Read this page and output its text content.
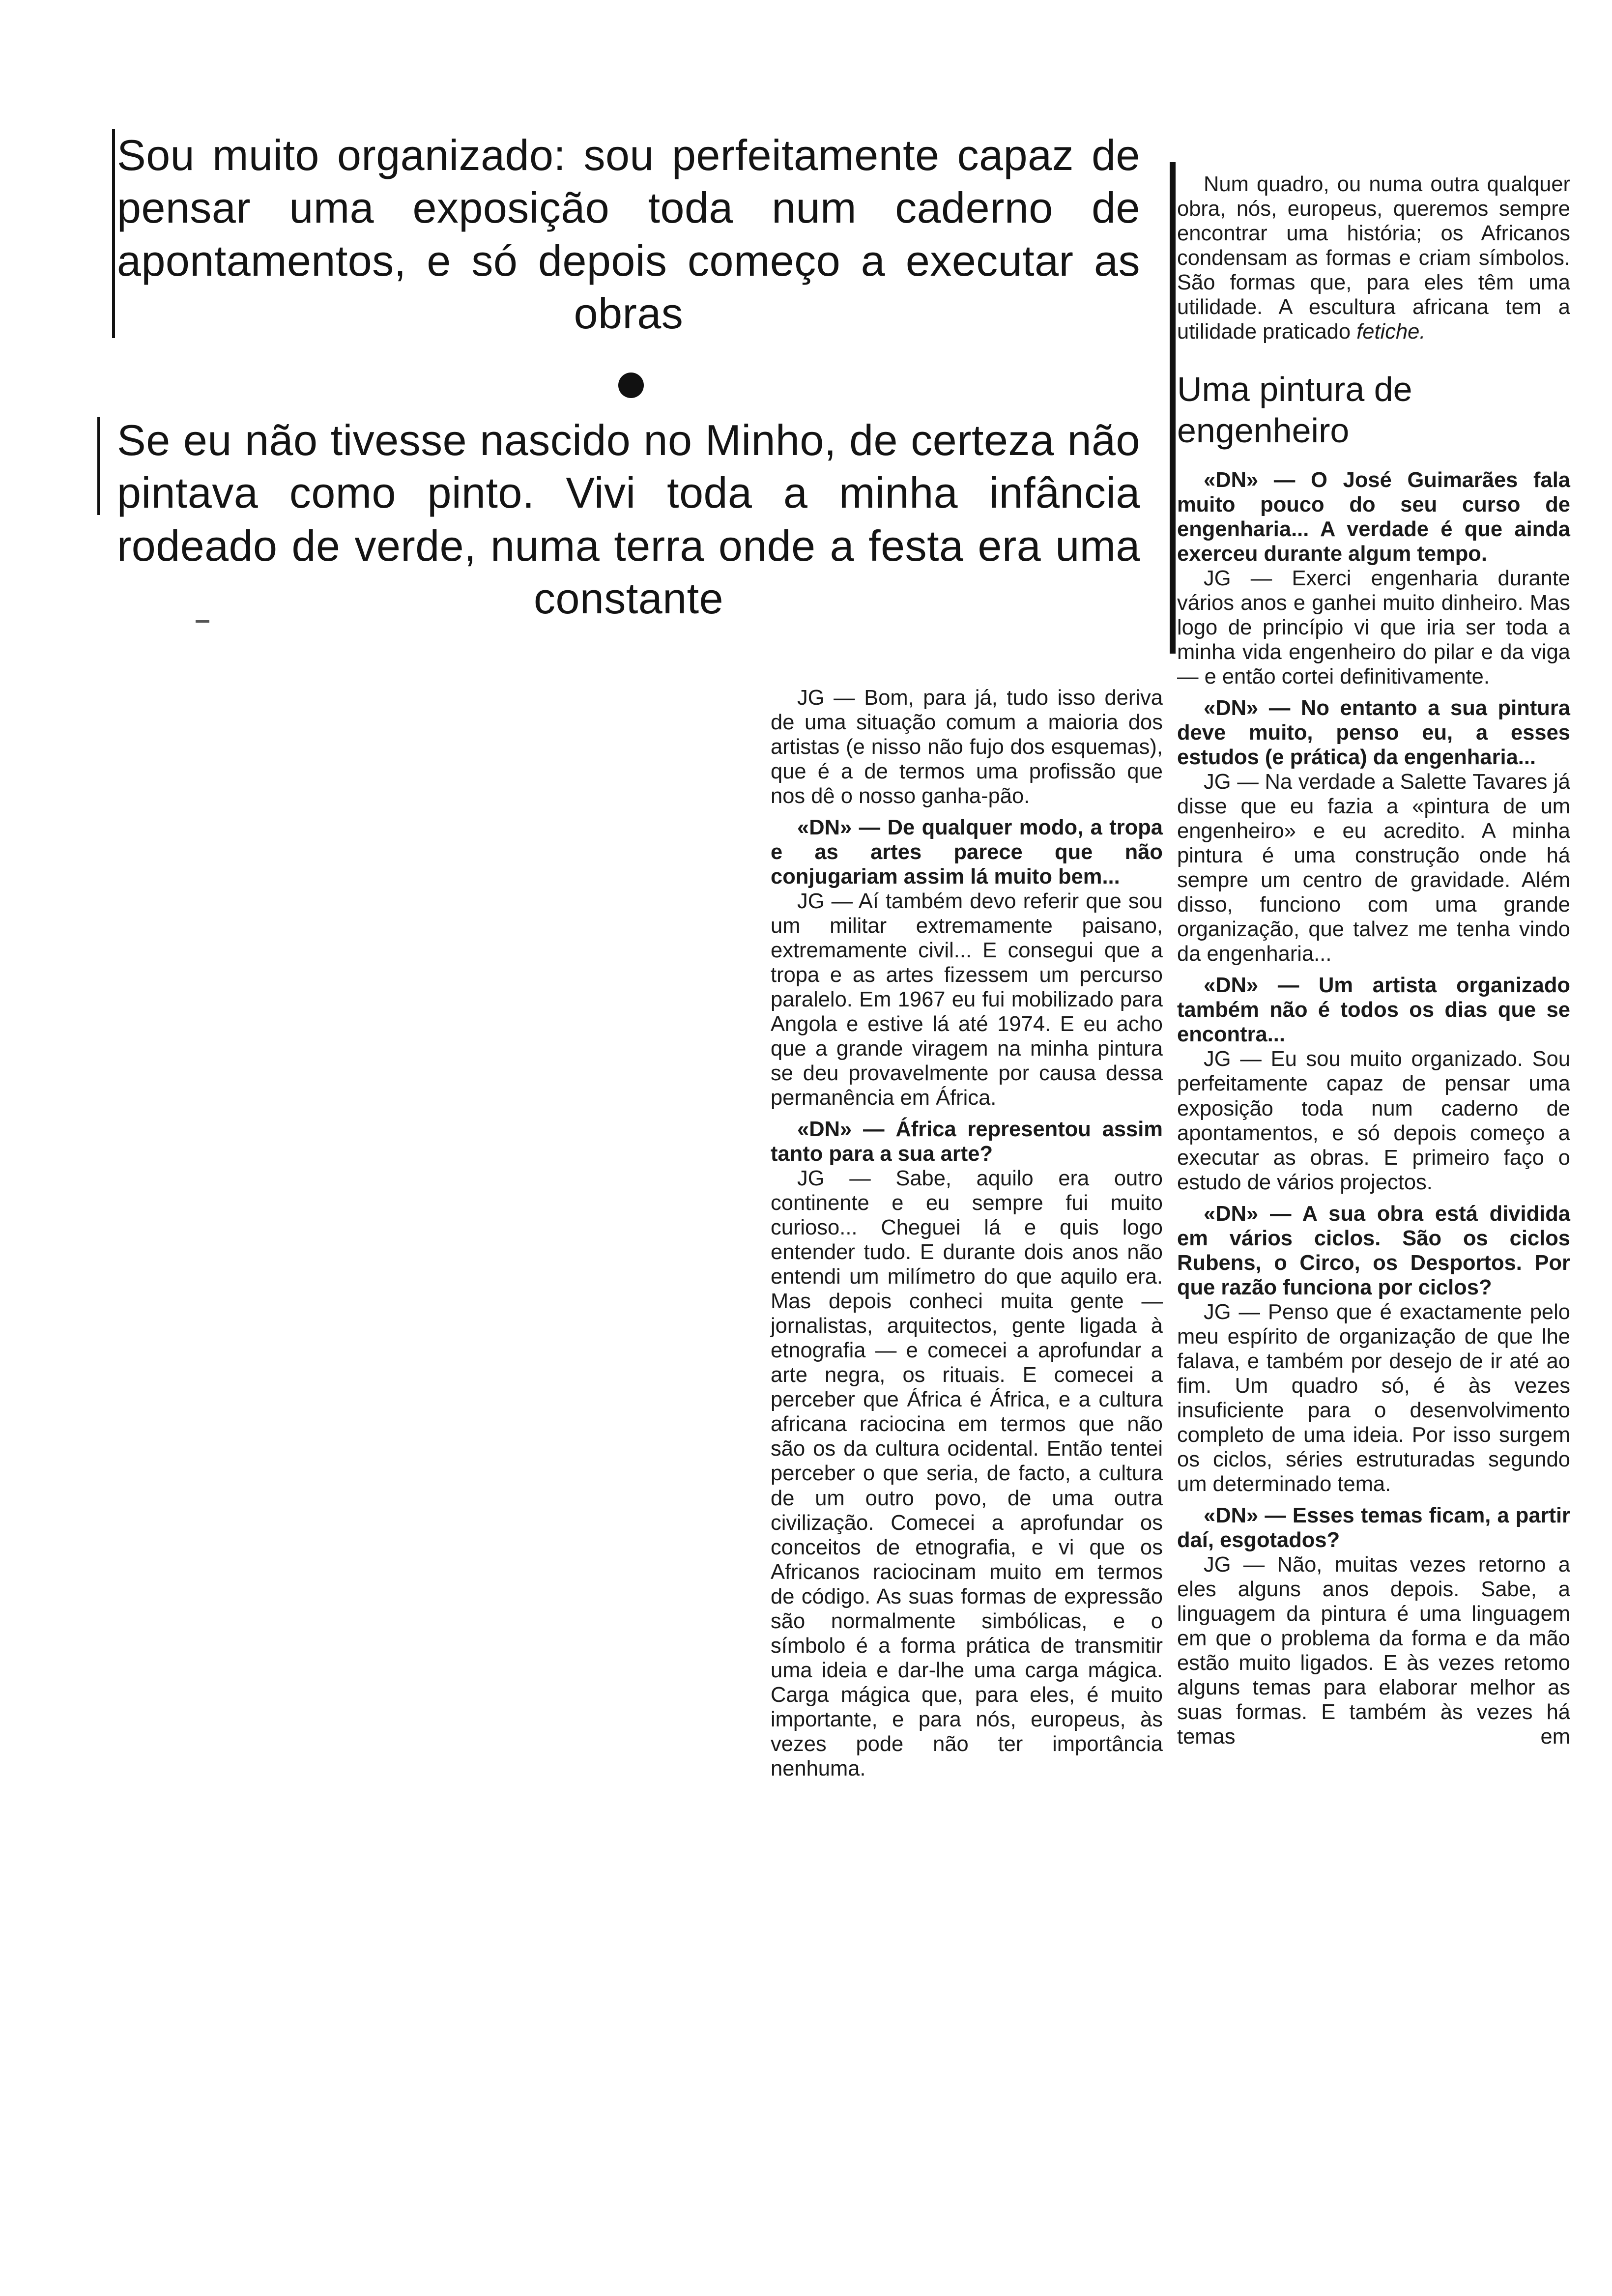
Sou muito organizado: sou perfeitamente capaz de pensar uma exposição toda num caderno de apontamentos, e só depois começo a executar as obras
Se eu não tivesse nascido no Minho, de certeza não pintava como pinto. Vivi toda a minha infância rodeado de verde, numa terra onde a festa era uma constante

JG — Bom, para já, tudo isso deriva de uma situação comum a maioria dos artistas (e nisso não fujo dos esquemas), que é a de termos uma profissão que nos dê o nosso ganha-pão.

«DN» — De qualquer modo, a tropa e as artes parece que não conjugariam assim lá muito bem...

JG — Aí também devo referir que sou um militar extremamente paisano, extremamente civil... E consegui que a tropa e as artes fizessem um percurso paralelo. Em 1967 eu fui mobilizado para Angola e estive lá até 1974. E eu acho que a grande viragem na minha pintura se deu provavelmente por causa dessa permanência em África.

«DN» — África representou assim tanto para a sua arte?

JG — Sabe, aquilo era outro continente e eu sempre fui muito curioso... Cheguei lá e quis logo entender tudo. E durante dois anos não entendi um milímetro do que aquilo era. Mas depois conheci muita gente — jornalistas, arquitectos, gente ligada à etnografia — e comecei a aprofundar a arte negra, os rituais. E comecei a perceber que África é África, e a cultura africana raciocina em termos que não são os da cultura ocidental. Então tentei perceber o que seria, de facto, a cultura de um outro povo, de uma outra civilização. Comecei a aprofundar os conceitos de etnografia, e vi que os Africanos raciocinam muito em termos de código. As suas formas de expressão são normalmente simbólicas, e o símbolo é a forma prática de transmitir uma ideia e dar-lhe uma carga mágica. Carga mágica que, para eles, é muito importante, e para nós, europeus, às vezes pode não ter importância nenhuma.

Num quadro, ou numa outra qualquer obra, nós, europeus, queremos sempre encontrar uma história; os Africanos condensam as formas e criam símbolos. São formas que, para eles têm uma utilidade. A escultura africana tem a utilidade praticado fetiche.

Uma pintura de engenheiro

«DN» — O José Guimarães fala muito pouco do seu curso de engenharia... A verdade é que ainda exerceu durante algum tempo.

JG — Exerci engenharia durante vários anos e ganhei muito dinheiro. Mas logo de princípio vi que iria ser toda a minha vida engenheiro do pilar e da viga — e então cortei definitivamente.

«DN» — No entanto a sua pintura deve muito, penso eu, a esses estudos (e prática) da engenharia...

JG — Na verdade a Salette Tavares já disse que eu fazia a «pintura de um engenheiro» e eu acredito. A minha pintura é uma construção onde há sempre um centro de gravidade. Além disso, funciono com uma grande organização, que talvez me tenha vindo da engenharia...

«DN» — Um artista organizado também não é todos os dias que se encontra...

JG — Eu sou muito organizado. Sou perfeitamente capaz de pensar uma exposição toda num caderno de apontamentos, e só depois começo a executar as obras. E primeiro faço o estudo de vários projectos.

«DN» — A sua obra está dividida em vários ciclos. São os ciclos Rubens, o Circo, os Desportos. Por que razão funciona por ciclos?

JG — Penso que é exactamente pelo meu espírito de organização de que lhe falava, e também por desejo de ir até ao fim. Um quadro só, é às vezes insuficiente para o desenvolvimento completo de uma ideia. Por isso surgem os ciclos, séries estruturadas segundo um determinado tema.

«DN» — Esses temas ficam, a partir daí, esgotados?

JG — Não, muitas vezes retorno a eles alguns anos depois. Sabe, a linguagem da pintura é uma linguagem em que o problema da forma e da mão estão muito ligados. E às vezes retomo alguns temas para elaborar melhor as suas formas. E também às vezes há temas em
